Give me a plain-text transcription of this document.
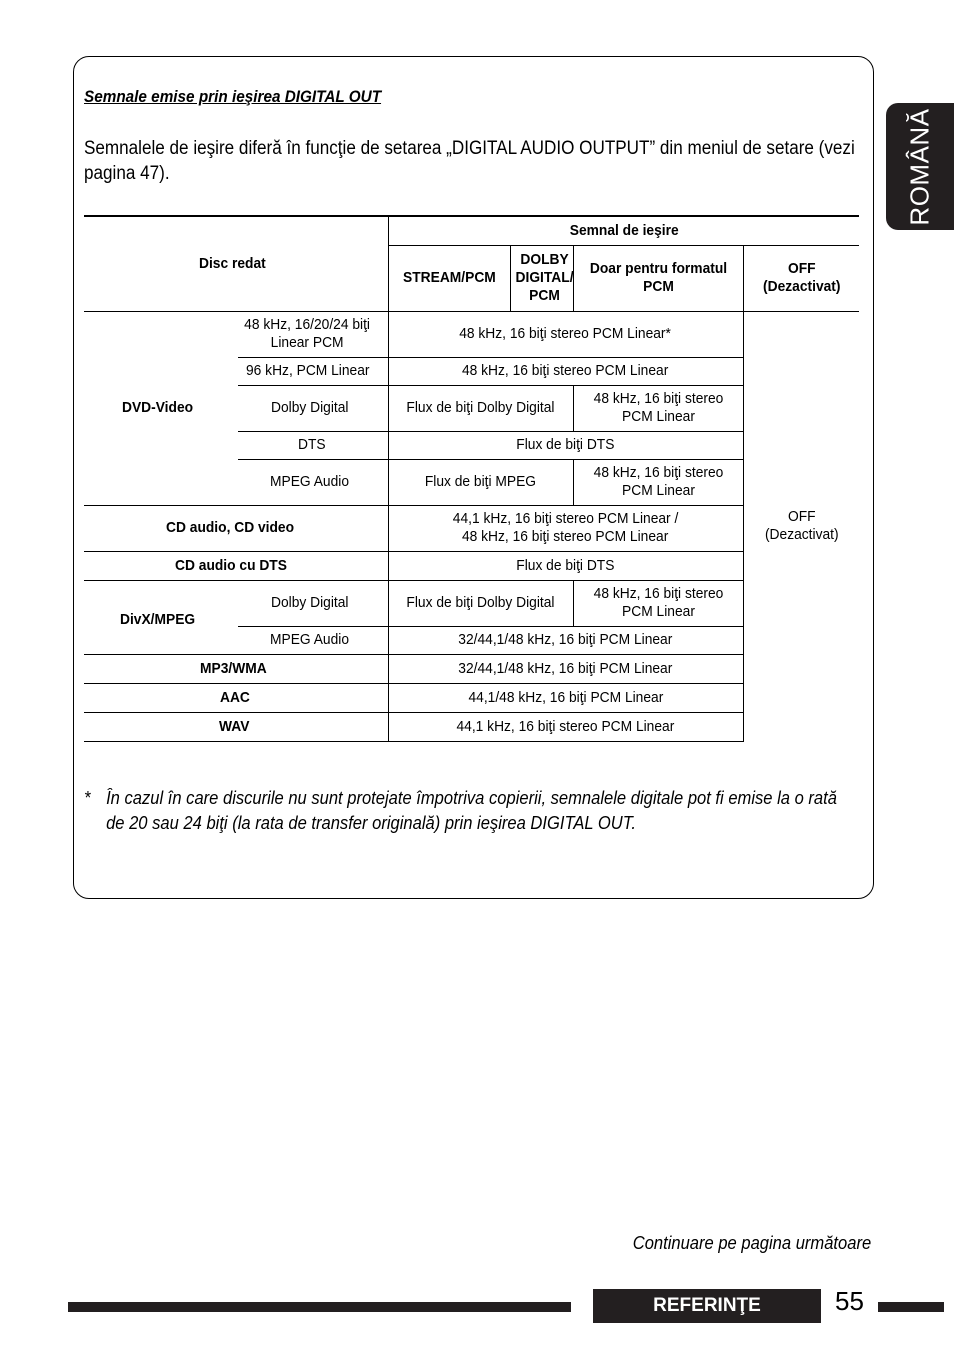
Semnale emise prin ieşirea DIGITAL OUT
Semnalele de ieşire diferă în funcţie de setarea „DIGITAL AUDIO OUTPUT” din meniul de setare (vezi pagina 47).
Disc redat		Semnal de ieşire			
		STREAM/PCM	DOLBY DIGITAL/ PCM	Doar pentru formatul PCM	OFF (Dezactivat)
DVD-Video	48 kHz, 16/20/24 biţi Linear PCM	48 kHz, 16 biţi stereo PCM Linear*			OFF (Dezactivat)
	96 kHz, PCM Linear	48 kHz, 16 biţi stereo PCM Linear			
	Dolby Digital	Flux de biţi Dolby Digital		48 kHz, 16 biţi stereo PCM Linear	
	DTS	Flux de biţi DTS			
	MPEG Audio	Flux de biţi MPEG		48 kHz, 16 biţi stereo PCM Linear	
CD audio, CD video		44,1 kHz, 16 biţi stereo PCM Linear /
48 kHz, 16 biţi stereo PCM Linear			
CD audio cu DTS		Flux de biţi DTS			
DivX/MPEG	Dolby Digital	Flux de biţi Dolby Digital		48 kHz, 16 biţi stereo PCM Linear	
	MPEG Audio	32/44,1/48 kHz, 16 biţi PCM Linear			
MP3/WMA		32/44,1/48 kHz, 16 biţi PCM Linear			
AAC		44,1/48 kHz, 16 biţi PCM Linear			
WAV		44,1 kHz, 16 biţi stereo PCM Linear			
* În cazul în care discurile nu sunt protejate împotriva copierii, semnalele digitale pot fi emise la o rată de 20 sau 24 biţi (la rata de transfer originală) prin ieşirea DIGITAL OUT.
ROMÂNĂ
Continuare pe pagina următoare
REFERINŢE	55
